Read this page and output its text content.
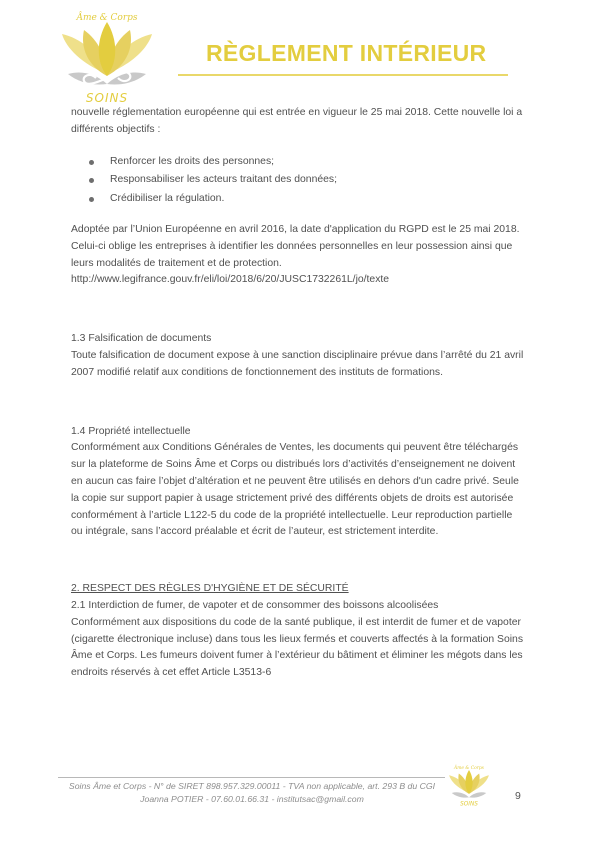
Âme & Corps
SOINS
RÈGLEMENT INTÉRIEUR

nouvelle réglementation européenne qui est entrée en vigueur le 25 mai 2018. Cette nouvelle loi a différents objectifs :

Renforcer les droits des personnes;
Responsabiliser les acteurs traitant des données;
Crédibiliser la régulation.

Adoptée par l’Union Européenne en avril 2016, la date d'application du RGPD est le 25 mai 2018. Celui-ci oblige les entreprises à identifier les données personnelles en leur possession ainsi que leurs modalités de traitement et de protection.
http://www.legifrance.gouv.fr/eli/loi/2018/6/20/JUSC1732261L/jo/texte

1.3 Falsification de documents

Toute falsification de document expose à une sanction disciplinaire prévue dans l’arrêté du 21 avril 2007 modifié relatif aux conditions de fonctionnement des instituts de formations.

1.4 Propriété intellectuelle

Conformément aux Conditions Générales de Ventes, les documents qui peuvent être téléchargés sur la plateforme de Soins Âme et Corps ou distribués lors d’activités d’enseignement ne doivent en aucun cas faire l’objet d’altération et ne peuvent être utilisés en dehors d'un cadre privé. Seule la copie sur support papier à usage strictement privé des différents objets de droits est autorisée conformément à l’article L122-5 du code de la propriété intellectuelle. Leur reproduction partielle ou intégrale, sans l’accord préalable et écrit de l’auteur, est strictement interdite.

2. RESPECT DES RÈGLES D'HYGIÈNE ET DE SÉCURITÉ

2.1 Interdiction de fumer, de vapoter et de consommer des boissons alcoolisées

Conformément aux dispositions du code de la santé publique, il est interdit de fumer et de vapoter (cigarette électronique incluse) dans tous les lieux fermés et couverts affectés à la formation Soins Âme et Corps. Les fumeurs doivent fumer à l’extérieur du bâtiment et éliminer les mégots dans les endroits réservés à cet effet Article L3513-6

Soins Âme et Corps - N° de SIRET 898.957.329.00011 - TVA non applicable, art. 293 B du CGI
Joanna POTIER - 07.60.01.66.31 - institutsac@gmail.com
Âme & Corps
SOINS
9
